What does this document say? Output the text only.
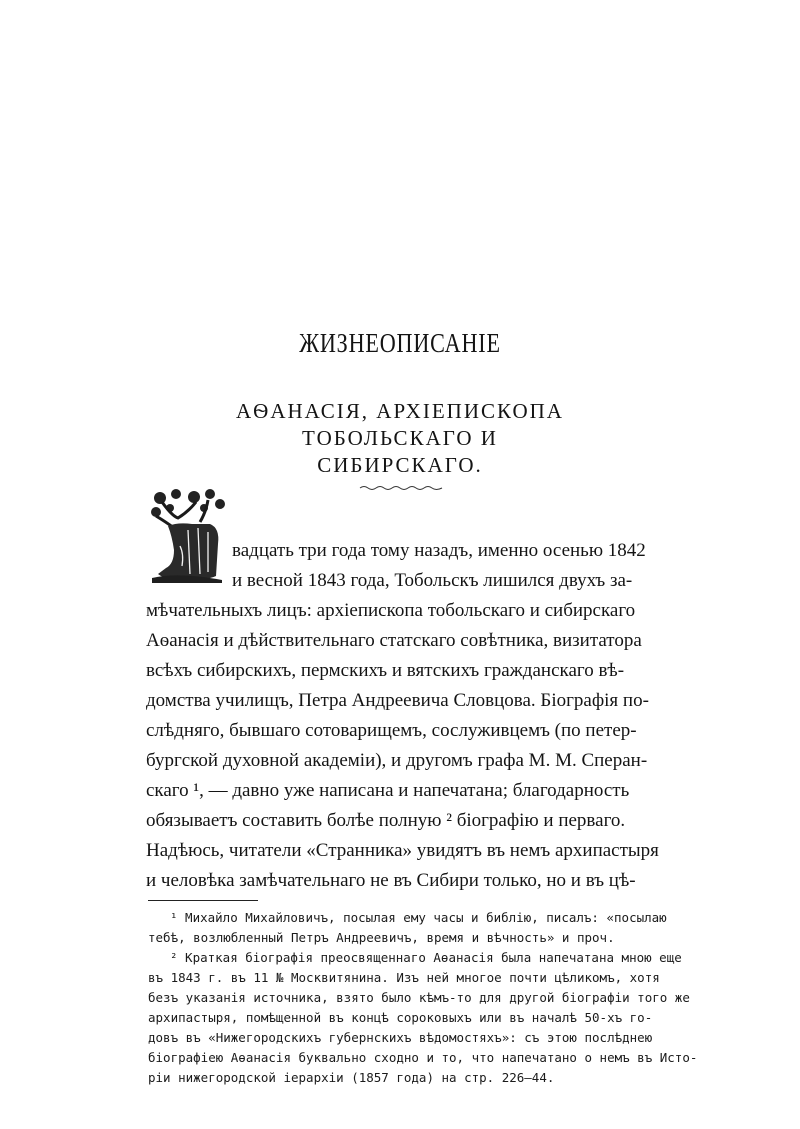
ЖИЗНЕОПИСАНІЕ
АѲАНАСІЯ, АРХІЕПИСКОПА ТОБОЛЬСКАГО И
СИБИРСКАГО.
вадцать три года тому назадъ, именно осенью 1842
и весной 1843 года, Тобольскъ лишился двухъ за-
мѣчательныхъ лицъ: архіепископа тобольскаго и сибирскаго
Аѳанасія и дѣйствительнаго статскаго совѣтника, визитатора
всѣхъ сибирскихъ, пермскихъ и вятскихъ гражданскаго вѣ-
домства училищъ, Петра Андреевича Словцова. Біографія по-
слѣдняго, бывшаго сотоварищемъ, сослуживцемъ (по петер-
бургской духовной академіи), и другомъ графа М. М. Сперан-
скаго ¹, — давно уже написана и напечатана; благодарность
обязываетъ составить болѣе полную ² біографію и перваго.
Надѣюсь, читатели «Странника» увидятъ въ немъ архипастыря
и человѣка замѣчательнаго не въ Сибири только, но и въ цѣ-
¹ Михайло Михайловичъ, посылая ему часы и библію, писалъ: «посылаю
тебѣ, возлюбленный Петръ Андреевичъ, время и вѣчность» и проч.
² Краткая біографія преосвященнаго Аѳанасія была напечатана мною еще
въ 1843 г. въ 11 № Москвитянина. Изъ ней многое почти цѣликомъ, хотя
безъ указанія источника, взято было кѣмъ-то для другой біографіи того же
архипастыря, помѣщенной въ концѣ сороковыхъ или въ началѣ 50-хъ го-
довъ въ «Нижегородскихъ губернскихъ вѣдомостяхъ»: съ этою послѣднею
біографіею Аѳанасія буквально сходно и то, что напечатано о немъ въ Исто-
ріи нижегородской іерархіи (1857 года) на стр. 226—44.
